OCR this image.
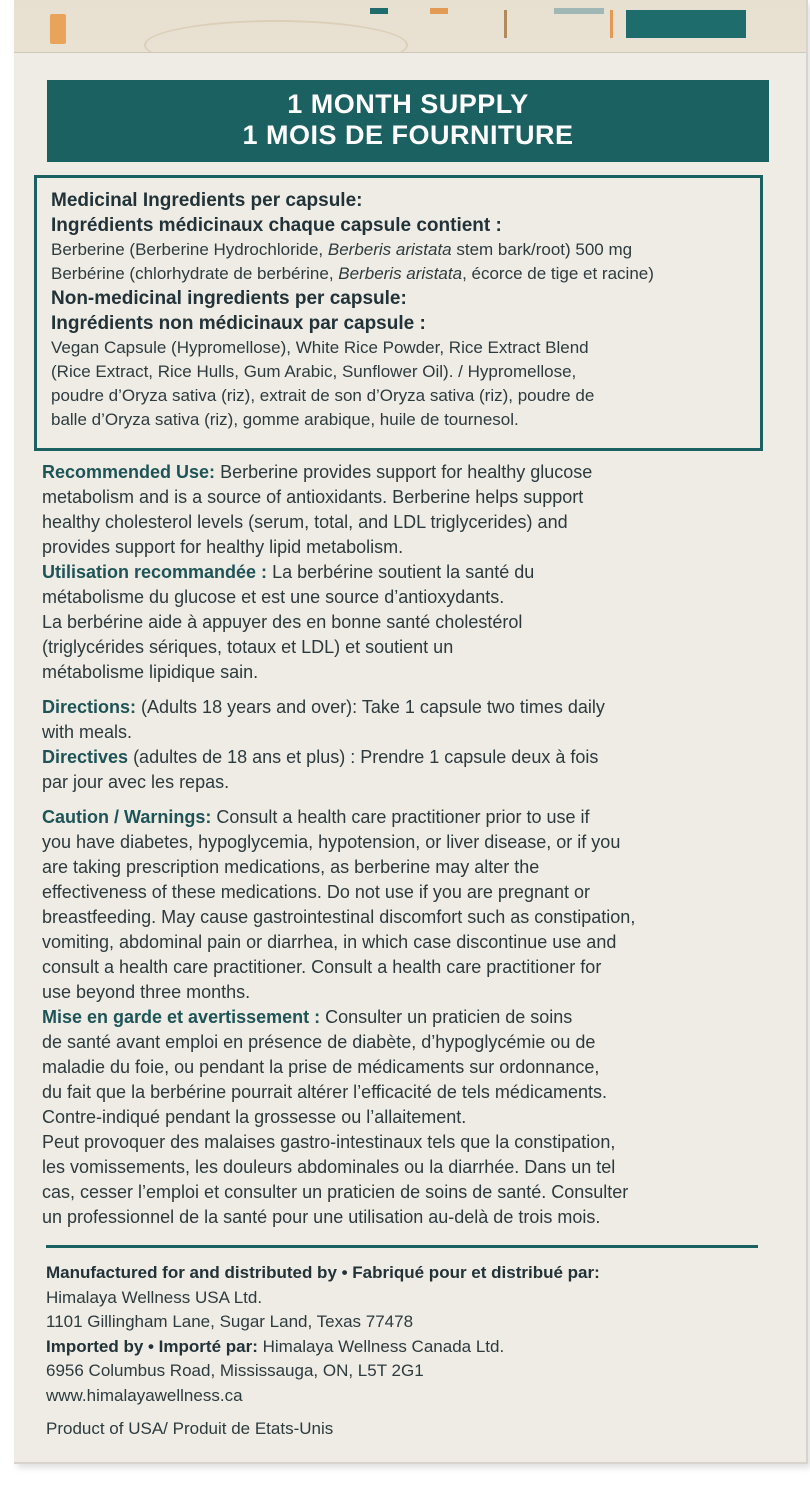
1 MONTH SUPPLY
1 MOIS DE FOURNITURE
Medicinal Ingredients per capsule:
Ingrédients médicinaux chaque capsule contient :
Berberine (Berberine Hydrochloride, Berberis aristata stem bark/root) 500 mg
Berbérine (chlorhydrate de berbérine, Berberis aristata, écorce de tige et racine)
Non-medicinal ingredients per capsule:
Ingrédients non médicinaux par capsule :
Vegan Capsule (Hypromellose), White Rice Powder, Rice Extract Blend
(Rice Extract, Rice Hulls, Gum Arabic, Sunflower Oil). / Hypromellose,
poudre d’Oryza sativa (riz), extrait de son d’Oryza sativa (riz), poudre de
balle d’Oryza sativa (riz), gomme arabique, huile de tournesol.

Recommended Use: Berberine provides support for healthy glucose

metabolism and is a source of antioxidants. Berberine helps support

healthy cholesterol levels (serum, total, and LDL triglycerides) and

provides support for healthy lipid metabolism.

Utilisation recommandée : La berbérine soutient la santé du

métabolisme du glucose et est une source d’antioxydants.

La berbérine aide à appuyer des en bonne santé cholestérol

(triglycérides sériques, totaux et LDL) et soutient un

métabolisme lipidique sain.

Directions: (Adults 18 years and over): Take 1 capsule two times daily

with meals.

Directives (adultes de 18 ans et plus) : Prendre 1 capsule deux à fois

par jour avec les repas.

Caution / Warnings: Consult a health care practitioner prior to use if

you have diabetes, hypoglycemia, hypotension, or liver disease, or if you

are taking prescription medications, as berberine may alter the

effectiveness of these medications. Do not use if you are pregnant or

breastfeeding. May cause gastrointestinal discomfort such as constipation,

vomiting, abdominal pain or diarrhea, in which case discontinue use and

consult a health care practitioner. Consult a health care practitioner for

use beyond three months.

Mise en garde et avertissement : Consulter un praticien de soins

de santé avant emploi en présence de diabète, d’hypoglycémie ou de

maladie du foie, ou pendant la prise de médicaments sur ordonnance,

du fait que la berbérine pourrait altérer l’efficacité de tels médicaments.

Contre-indiqué pendant la grossesse ou l’allaitement.

Peut provoquer des malaises gastro-intestinaux tels que la constipation,

les vomissements, les douleurs abdominales ou la diarrhée. Dans un tel

cas, cesser l’emploi et consulter un praticien de soins de santé. Consulter

un professionnel de la santé pour une utilisation au-delà de trois mois.

Manufactured for and distributed by • Fabriqué pour et distribué par:

Himalaya Wellness USA Ltd.

1101 Gillingham Lane, Sugar Land, Texas 77478

Imported by • Importé par: Himalaya Wellness Canada Ltd.

6956 Columbus Road, Mississauga, ON, L5T 2G1

www.himalayawellness.ca

Product of USA/ Produit de Etats-Unis
